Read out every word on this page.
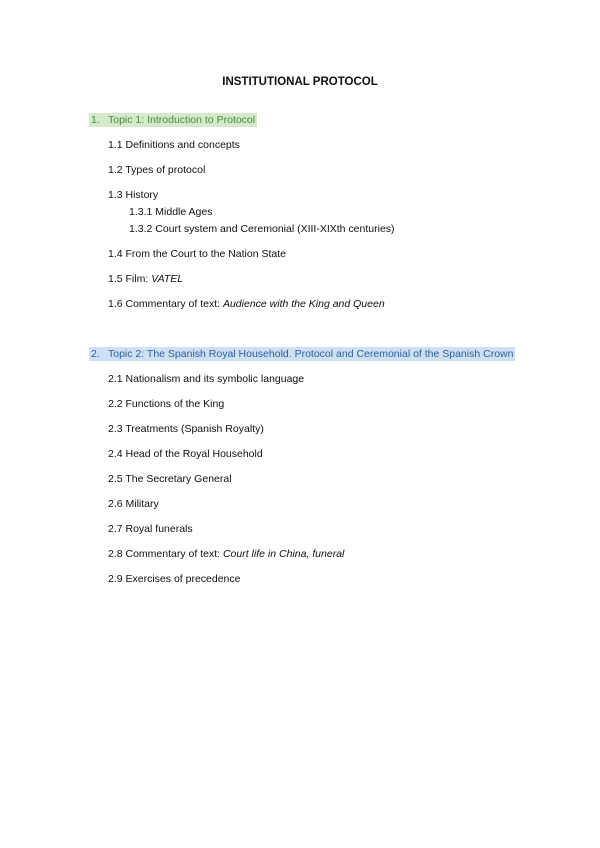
INSTITUTIONAL PROTOCOL
1. Topic 1: Introduction to Protocol
1.1 Definitions and concepts
1.2 Types of protocol
1.3 History
1.3.1 Middle Ages
1.3.2 Court system and Ceremonial (XIII-XIXth centuries)
1.4 From the Court to the Nation State
1.5 Film: VATEL
1.6 Commentary of text: Audience with the King and Queen
2. Topic 2: The Spanish Royal Household. Protocol and Ceremonial of the Spanish Crown
2.1 Nationalism and its symbolic language
2.2 Functions of the King
2.3 Treatments (Spanish Royalty)
2.4 Head of the Royal Household
2.5 The Secretary General
2.6 Military
2.7 Royal funerals
2.8 Commentary of text: Court life in China, funeral
2.9 Exercises of precedence
